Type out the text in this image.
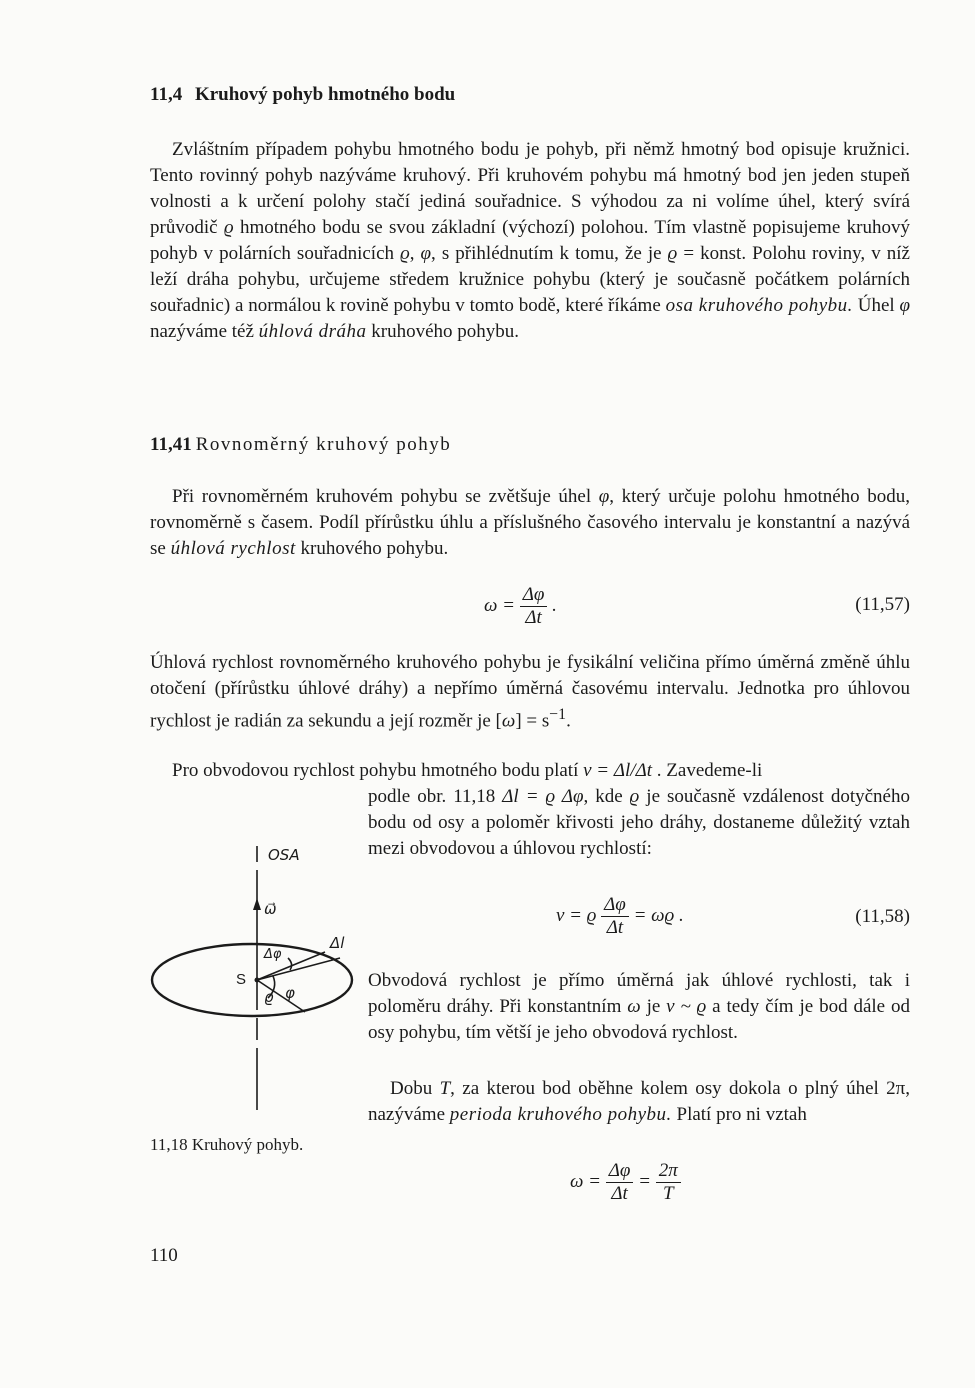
11,4 Kruhový pohyb hmotného bodu

Zvláštním případem pohybu hmotného bodu je pohyb, při němž hmotný bod opisuje kružnici. Tento rovinný pohyb nazýváme kruhový. Při kruhovém pohybu má hmotný bod jen jeden stupeň volnosti a k určení polohy stačí jediná souřadnice. S výhodou za ni volíme úhel, který svírá průvodič ϱ hmotného bodu se svou základní (výchozí) polohou. Tím vlastně popisujeme kruhový pohyb v polárních souřadnicích ϱ, φ, s přihlédnutím k tomu, že je ϱ = konst. Polohu roviny, v níž leží dráha pohybu, určujeme středem kružnice pohybu (který je současně počátkem polárních souřadnic) a normálou k rovině pohybu v tomto bodě, které říkáme osa kruhového pohybu. Úhel φ nazýváme též úhlová dráha kruhového pohybu.

11,41 Rovnoměrný kruhový pohyb

Při rovnoměrném kruhovém pohybu se zvětšuje úhel φ, který určuje polohu hmotného bodu, rovnoměrně s časem. Podíl přírůstku úhlu a příslušného časového intervalu je konstantní a nazývá se úhlová rychlost kruhového pohybu.

$\omega = \frac{\Delta\varphi}{\Delta t}$ .	(11,57)

Úhlová rychlost rovnoměrného kruhového pohybu je fysikální veličina přímo úměrná změně úhlu otočení (přírůstku úhlové dráhy) a nepřímo úměrná časovému intervalu. Jednotka pro úhlovou rychlost je radián za sekundu a její rozměr je $[\omega] = s^{-1}$.

Pro obvodovou rychlost pohybu hmotného bodu platí v = Δl/Δt . Zavedeme-li

podle obr. 11,18 Δl = ϱ Δφ, kde ϱ je současně vzdálenost dotyčného bodu od osy a poloměr křivosti jeho dráhy, dostaneme důležitý vztah mezi obvodovou a úhlovou rychlostí:

v = ϱ $\frac{\Delta\varphi}{\Delta t} = \omega ϱ$ .	(11,58)

Obvodová rychlost je přímo úměrná jak úhlové rychlosti, tak i poloměru dráhy. Při konstantním ω je v ~ ϱ a tedy čím je bod dále od osy pohybu, tím větší je jeho obvodová rychlost.

Dobu T, za kterou bod oběhne kolem osy dokola o plný úhel 2π, nazýváme perioda kruhového pohybu. Platí pro ni vztah

$\omega = \frac{\Delta\varphi}{\Delta t} = \frac{2\pi}{T}$
OSA
ω⃗
Δφ
Δl
S
ϱ φ
11,18 Kruhový pohyb.
110
